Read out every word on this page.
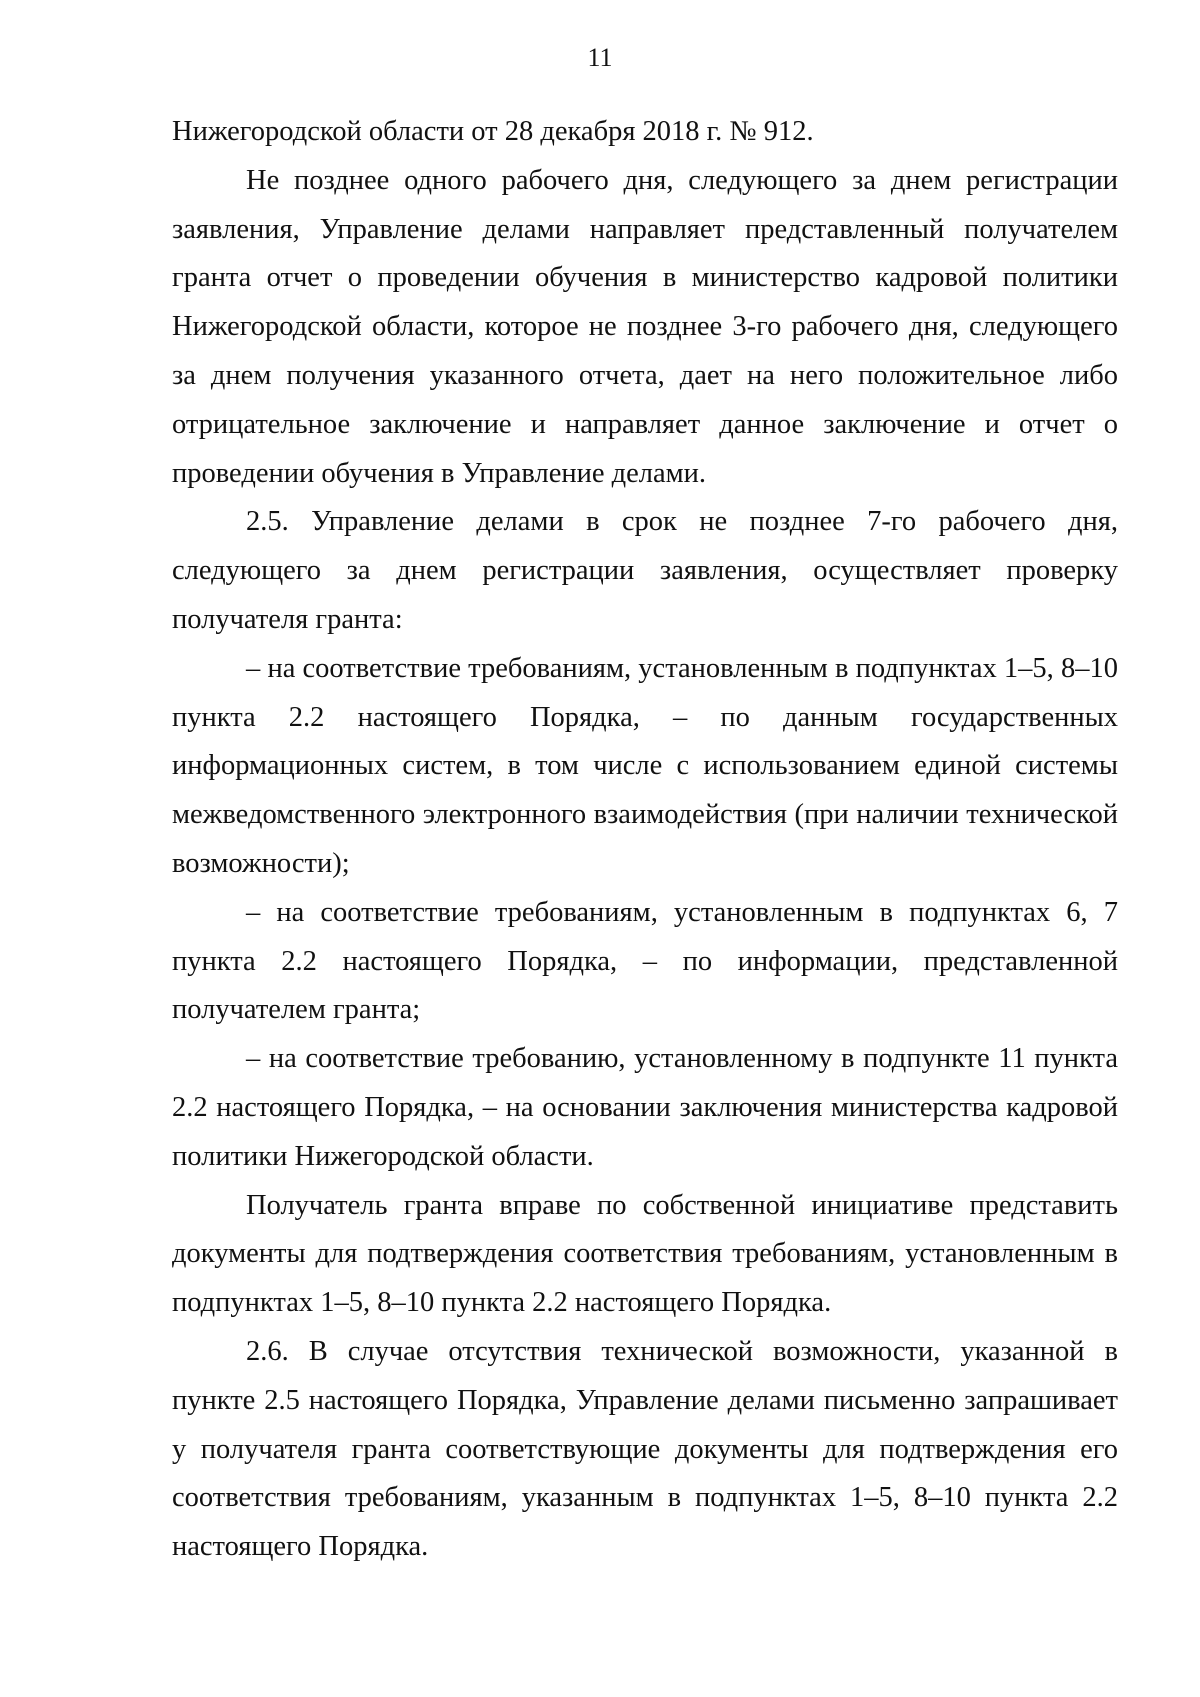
11

Нижегородской области от 28 декабря 2018 г. № 912.

Не позднее одного рабочего дня, следующего за днем регистрации заявления, Управление делами направляет представленный получателем гранта отчет о проведении обучения в министерство кадровой политики Нижегородской области, которое не позднее 3-го рабочего дня, следующего за днем получения указанного отчета, дает на него положительное либо отрицательное заключение и направляет данное заключение и отчет о проведении обучения в Управление делами.

2.5. Управление делами в срок не позднее 7-го рабочего дня, следующего за днем регистрации заявления, осуществляет проверку получателя гранта:

– на соответствие требованиям, установленным в подпунктах 1–5, 8–10 пункта 2.2 настоящего Порядка, – по данным государственных информационных систем, в том числе с использованием единой системы межведомственного электронного взаимодействия (при наличии технической возможности);

– на соответствие требованиям, установленным в подпунктах 6, 7 пункта 2.2 настоящего Порядка, – по информации, представленной получателем гранта;

– на соответствие требованию, установленному в подпункте 11 пункта 2.2 настоящего Порядка, – на основании заключения министерства кадровой политики Нижегородской области.

Получатель гранта вправе по собственной инициативе представить документы для подтверждения соответствия требованиям, установленным в подпунктах 1–5, 8–10 пункта 2.2 настоящего Порядка.

2.6. В случае отсутствия технической возможности, указанной в пункте 2.5 настоящего Порядка, Управление делами письменно запрашивает у получателя гранта соответствующие документы для подтверждения его соответствия требованиям, указанным в подпунктах 1–5, 8–10 пункта 2.2 настоящего Порядка.
